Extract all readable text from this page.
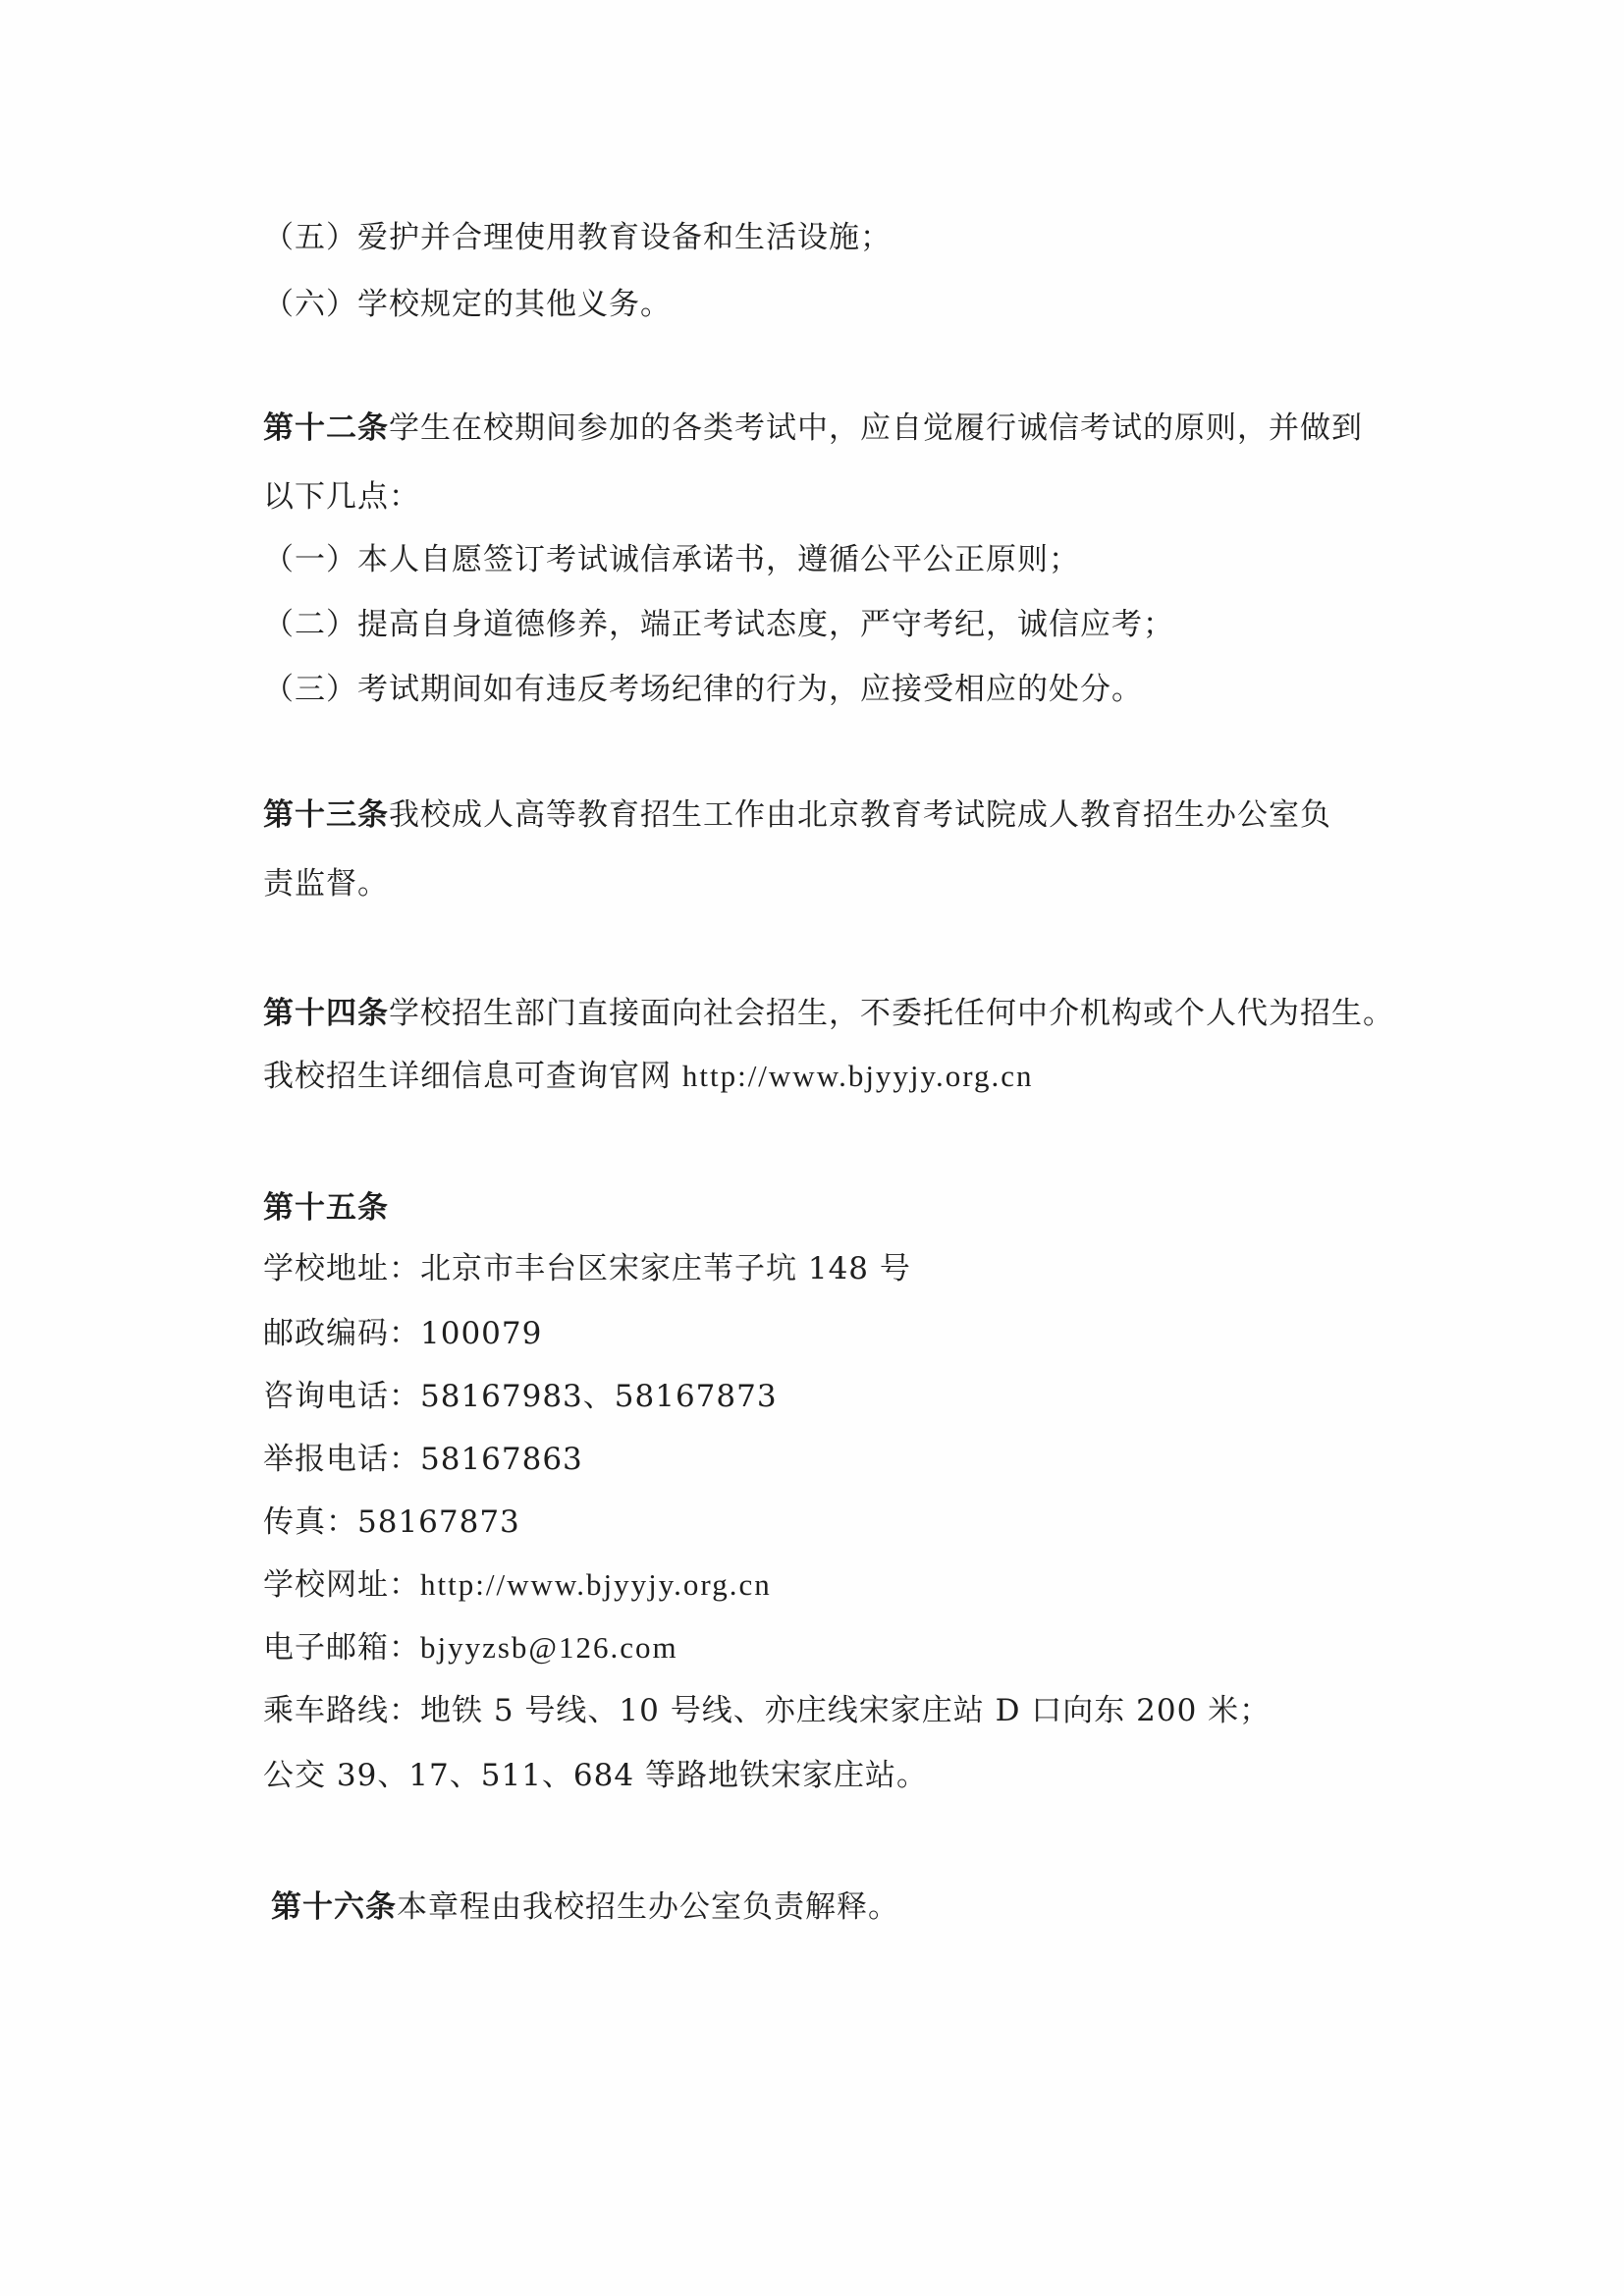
（五）爱护并合理使用教育设备和生活设施；
（六）学校规定的其他义务。
第十二条学生在校期间参加的各类考试中，应自觉履行诚信考试的原则，并做到
以下几点：
（一）本人自愿签订考试诚信承诺书，遵循公平公正原则；
（二）提高自身道德修养，端正考试态度，严守考纪，诚信应考；
（三）考试期间如有违反考场纪律的行为，应接受相应的处分。
第十三条我校成人高等教育招生工作由北京教育考试院成人教育招生办公室负
责监督。
第十四条学校招生部门直接面向社会招生，不委托任何中介机构或个人代为招生。
我校招生详细信息可查询官网 http://www.bjyyjy.org.cn
第十五条
学校地址：北京市丰台区宋家庄苇子坑 148 号
邮政编码：100079
咨询电话：58167983、58167873
举报电话：58167863
传真：58167873
学校网址：http://www.bjyyjy.org.cn
电子邮箱：bjyyzsb@126.com
乘车路线：地铁 5 号线、10 号线、亦庄线宋家庄站 D 口向东 200 米；
公交 39、17、511、684 等路地铁宋家庄站。
第十六条本章程由我校招生办公室负责解释。
